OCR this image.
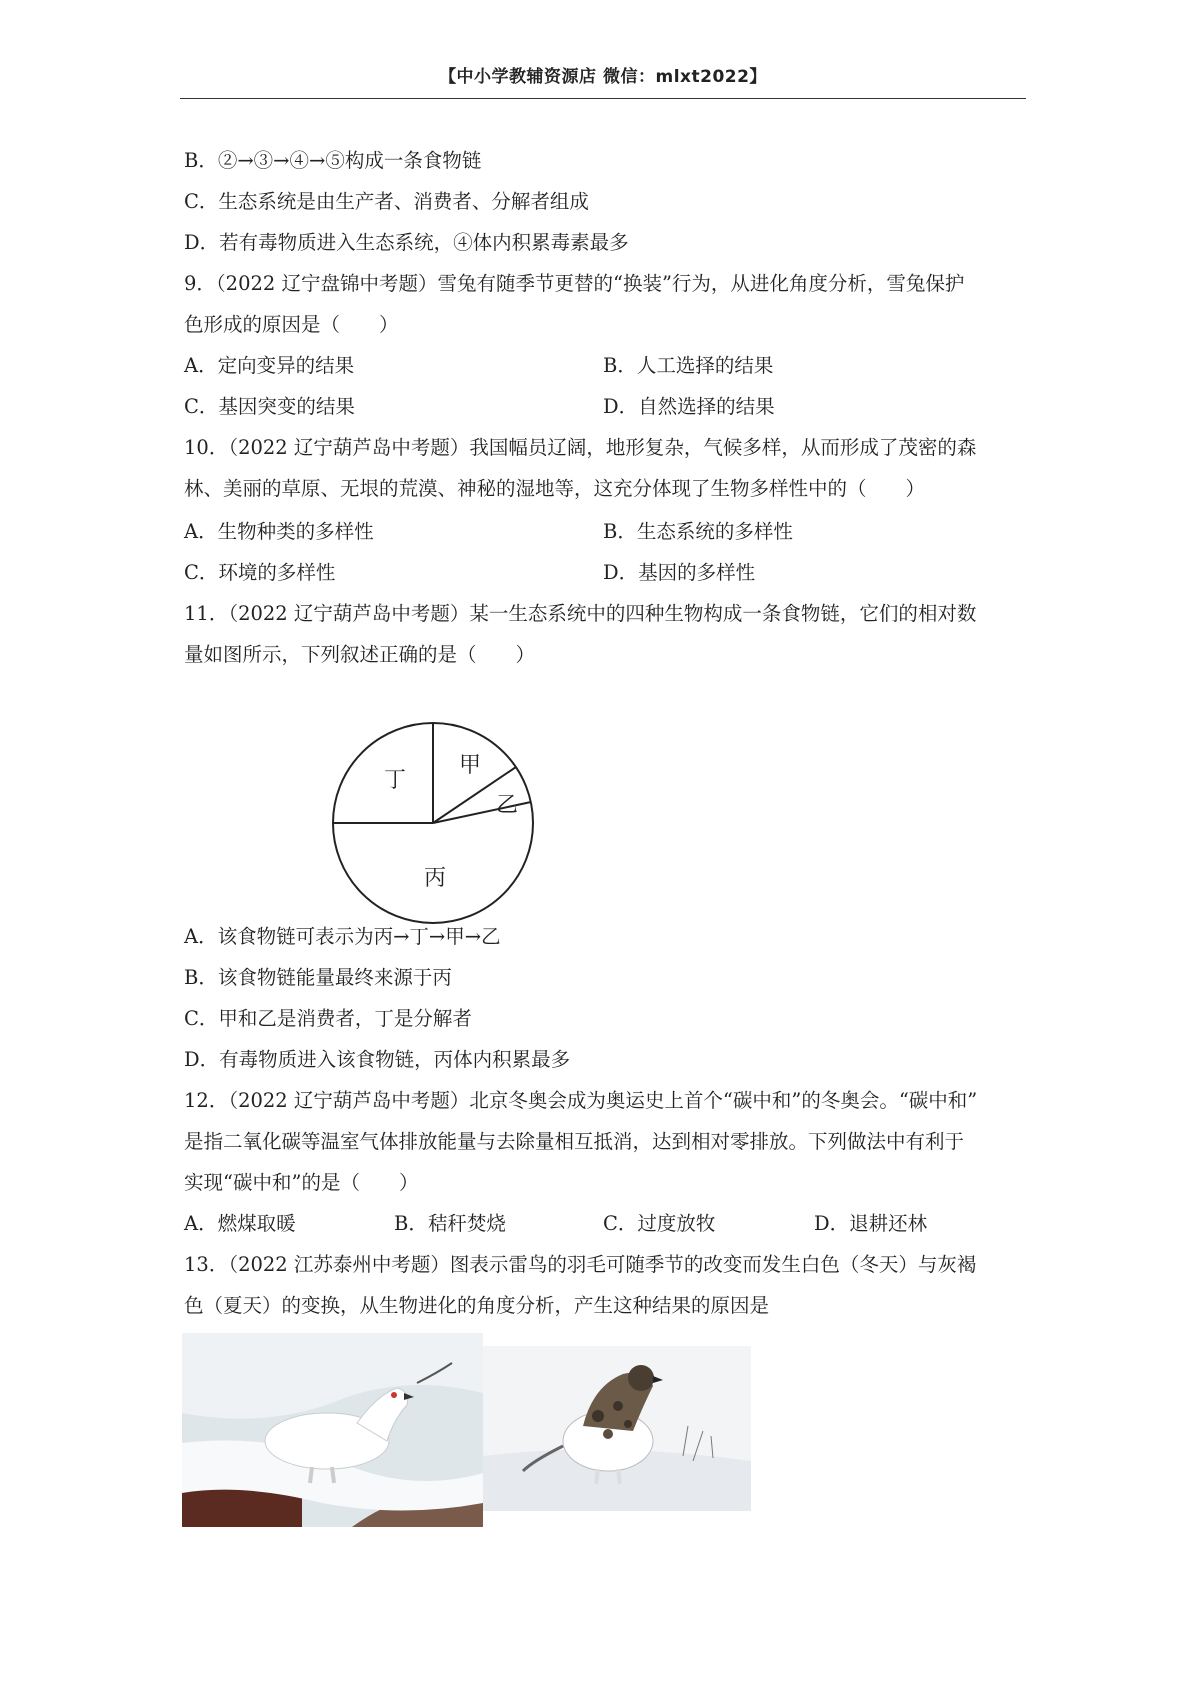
【中小学教辅资源店 微信：mlxt2022】
B．②→③→④→⑤构成一条食物链
C．生态系统是由生产者、消费者、分解者组成
D．若有毒物质进入生态系统，④体内积累毒素最多
9．（2022 辽宁盘锦中考题）雪兔有随季节更替的“换装”行为，从进化角度分析，雪兔保护
色形成的原因是（　　）
A．定向变异的结果	B．人工选择的结果
C．基因突变的结果	D．自然选择的结果
10．（2022 辽宁葫芦岛中考题）我国幅员辽阔，地形复杂，气候多样，从而形成了茂密的森
林、美丽的草原、无垠的荒漠、神秘的湿地等，这充分体现了生物多样性中的（　　）
A．生物种类的多样性	B．生态系统的多样性
C．环境的多样性	D．基因的多样性
11．（2022 辽宁葫芦岛中考题）某一生态系统中的四种生物构成一条食物链，它们的相对数
量如图所示，下列叙述正确的是（　　）
甲
乙
丁
丙
A．该食物链可表示为丙→丁→甲→乙
B．该食物链能量最终来源于丙
C．甲和乙是消费者，丁是分解者
D．有毒物质进入该食物链，丙体内积累最多
12．（2022 辽宁葫芦岛中考题）北京冬奥会成为奥运史上首个“碳中和”的冬奥会。“碳中和”
是指二氧化碳等温室气体排放能量与去除量相互抵消，达到相对零排放。下列做法中有利于
实现“碳中和”的是（　　）
A．燃煤取暖	B．秸秆焚烧	C．过度放牧	D．退耕还林
13．（2022 江苏泰州中考题）图表示雷鸟的羽毛可随季节的改变而发生白色（冬天）与灰褐
色（夏天）的变换，从生物进化的角度分析，产生这种结果的原因是
